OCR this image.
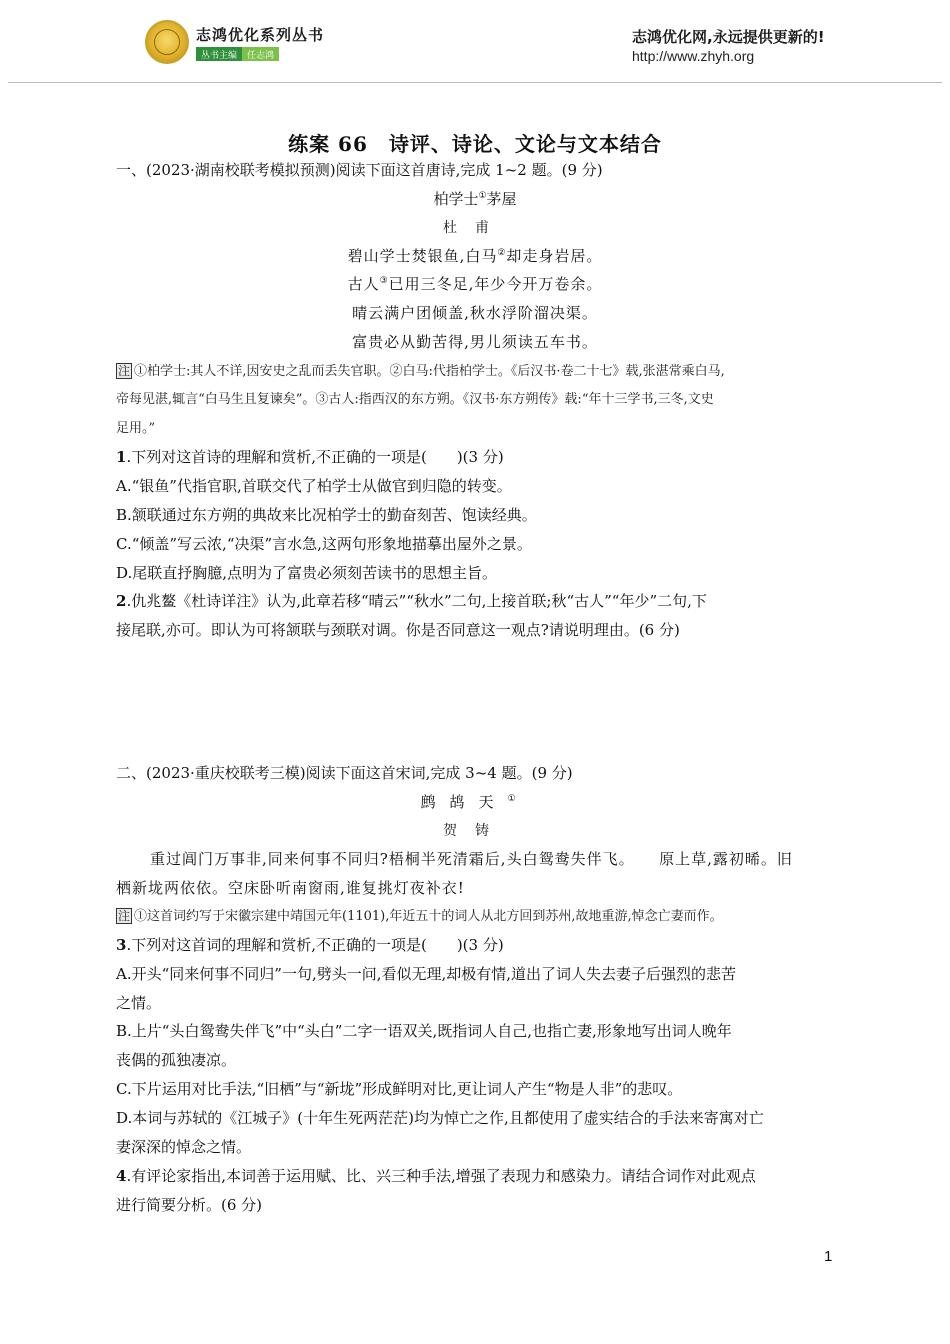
志鸿优化系列丛书
丛书主编	任志鸿
志鸿优化网,永远提供更新的!
http://www.zhyh.org
练案 66　诗评、诗论、文论与文本结合
一、(2023·湖南校联考模拟预测)阅读下面这首唐诗,完成 1~2 题。(9 分)
柏学士①茅屋
杜甫
碧山学士焚银鱼,白马②却走身岩居。
古人③已用三冬足,年少今开万卷余。
晴云满户团倾盖,秋水浮阶溜决渠。
富贵必从勤苦得,男儿须读五车书。
注 ①柏学士:其人不详,因安史之乱而丢失官职。②白马:代指柏学士。《后汉书·卷二十七》载,张湛常乘白马,
帝每见湛,辄言“白马生且复谏矣”。③古人:指西汉的东方朔。《汉书·东方朔传》载:“年十三学书,三冬,文史
足用。”
1.下列对这首诗的理解和赏析,不正确的一项是(　　)(3 分)
A.“银鱼”代指官职,首联交代了柏学士从做官到归隐的转变。
B.颔联通过东方朔的典故来比况柏学士的勤奋刻苦、饱读经典。
C.“倾盖”写云浓,“决渠”言水急,这两句形象地描摹出屋外之景。
D.尾联直抒胸臆,点明为了富贵必须刻苦读书的思想主旨。
2.仇兆鳌《杜诗详注》认为,此章若移“晴云”“秋水”二句,上接首联;秋“古人”“年少”二句,下
接尾联,亦可。即认为可将颔联与颈联对调。你是否同意这一观点?请说明理由。(6 分)
二、(2023·重庆校联考三模)阅读下面这首宋词,完成 3~4 题。(9 分)
鹧鸪天①
贺铸
重过阊门万事非,同来何事不同归?梧桐半死清霜后,头白鸳鸯失伴飞。　　原上草,露初晞。旧
栖新垅两依依。空床卧听南窗雨,谁复挑灯夜补衣!
注 ①这首词约写于宋徽宗建中靖国元年(1101),年近五十的词人从北方回到苏州,故地重游,悼念亡妻而作。
3.下列对这首词的理解和赏析,不正确的一项是(　　)(3 分)
A.开头“同来何事不同归”一句,劈头一问,看似无理,却极有情,道出了词人失去妻子后强烈的悲苦
之情。
B.上片“头白鸳鸯失伴飞”中“头白”二字一语双关,既指词人自己,也指亡妻,形象地写出词人晚年
丧偶的孤独凄凉。
C.下片运用对比手法,“旧栖”与“新垅”形成鲜明对比,更让词人产生“物是人非”的悲叹。
D.本词与苏轼的《江城子》(十年生死两茫茫)均为悼亡之作,且都使用了虚实结合的手法来寄寓对亡
妻深深的悼念之情。
4.有评论家指出,本词善于运用赋、比、兴三种手法,增强了表现力和感染力。请结合词作对此观点
进行简要分析。(6 分)
1
